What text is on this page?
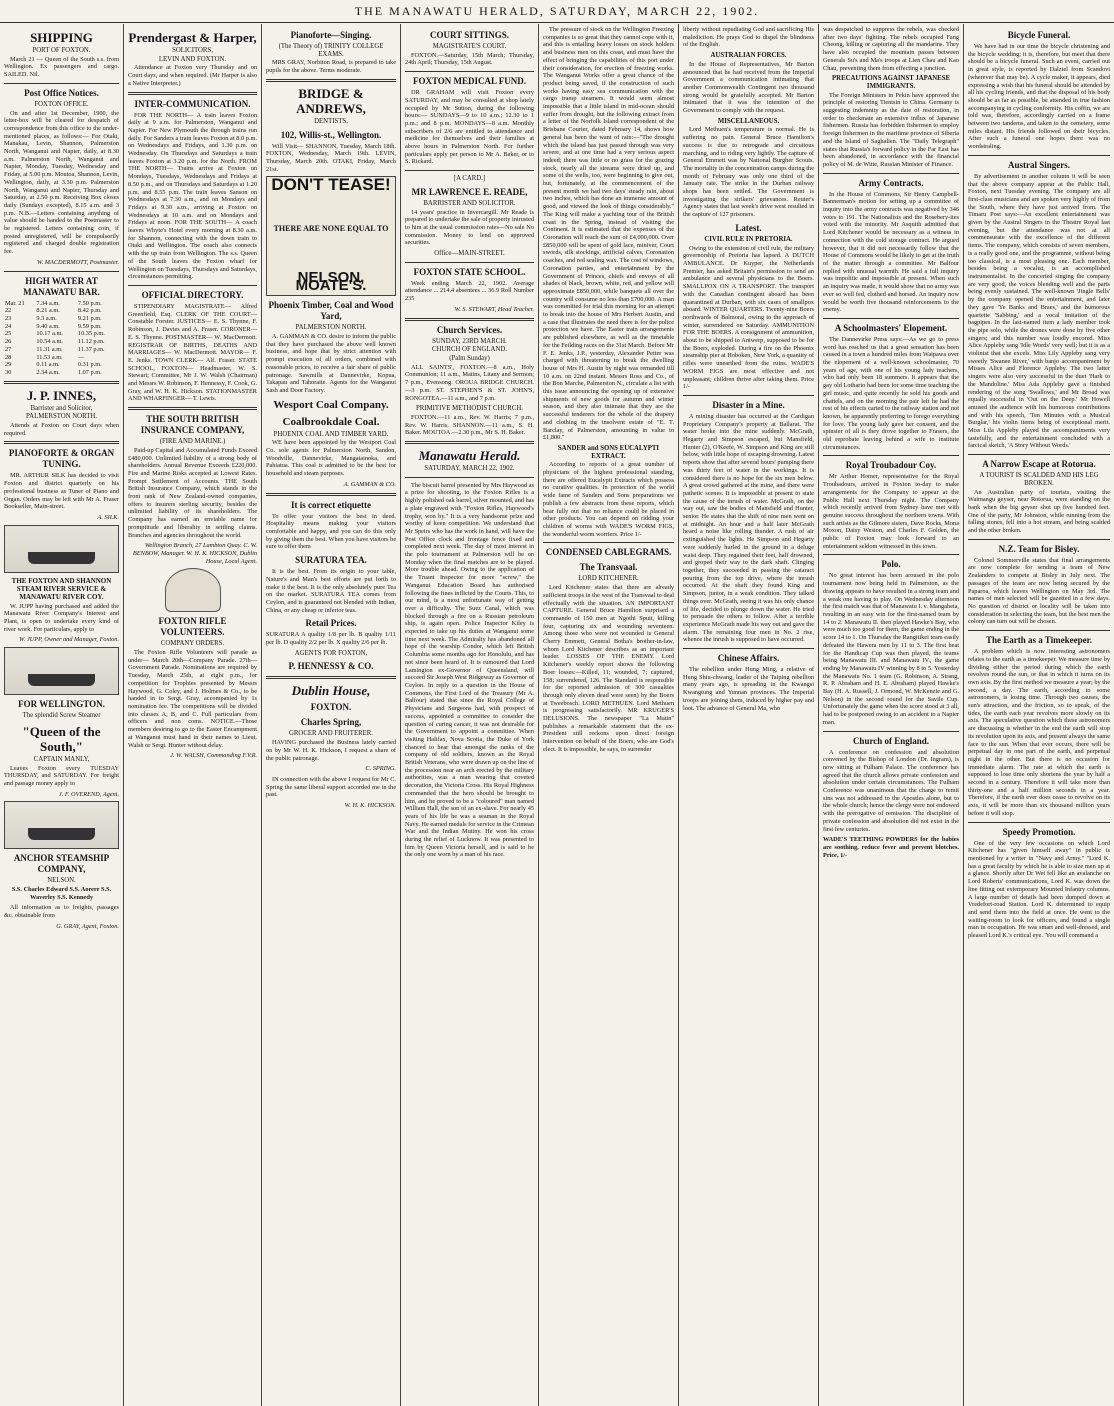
THE MANAWATU HERALD, SATURDAY, MARCH 22, 1902.
SHIPPING
PORT OF FOXTON.

March 21 — Queen of the South s.s. from Wellington. Ex passengers and cargo. SAILED. Nil.

Post Office Notices.
FOXTON OFFICE.

On and after 1st December, 1900, the letter-box will be cleared for despatch of correspondence from this office to the under-mentioned places, as follows:— For Otaki, Manakau, Levin, Shannon, Palmerston North, Wanganui and Napier, daily, at 8.30 a.m. Palmerston North, Wanganui and Napier, Monday, Tuesday, Wednesday and Friday, at 5.00 p.m. Moutoa, Shannon, Levin, Wellington, daily, at 3.30 p.m. Palmerston North, Wanganui and Napier, Thursday and Saturday, at 2.50 p.m. Receiving Box closes daily (Sundays excepted), 8.15 a.m. and 3 p.m. N.B.—Letters containing anything of value should be handed to the Postmaster to be registered. Letters containing coin, if posted unregistered, will be compulsorily registered and charged double registration fee.

W. MACDERMOTT, Postmaster.
HIGH WATER AT MANAWATU BAR.
Mar. 21	7.34 a.m.	7.50 p.m.
22	8.21 a.m.	8.42 p.m.
23	9.3 a.m.	9.21 p.m.
24	9.40 a.m.	9.59 p.m.
25	10.17 a.m.	10.35 p.m.
26	10.54 a.m.	11.12 p.m.
27	11.31 a.m.	11.37 p.m.
28	11.53 a.m.	—
29	0.11 a.m.	0.31 p.m.
30	2.34 a.m.	1.07 p.m.
J. P. INNES,
Barrister and Solicitor,
PALMERSTON NORTH.

Attends at Foxton on Court days when required.

PIANOFORTE & ORGAN TUNING.

MR. ARTHUR SILK has decided to visit Foxton and district quarterly on his professional business as Tuner of Piano and Organ. Orders may be left with Mr A. Fraser Bookseller, Main-street.

A. SILK.
THE FOXTON AND SHANNON STEAM RIVER SERVICE & MANAWATU RIVER COY.

W. JUPP having purchased and added the Manawatu River Company's Interest and Plant, is open to undertake every kind of river work. For particulars, apply to

W. JUPP, Owner and Manager, Foxton.
FOR WELLINGTON.
The splendid Screw Steamer
"Queen of the South,"
CAPTAIN MANLY,

Leaves Foxton every TUESDAY THURSDAY, and SATURDAY. For freight and passage money apply to

J. F. OVEREND, Agent.
ANCHOR STEAMSHIP COMPANY,
NELSON.

S.S. Charles Edward S.S. Aorere S.S. Waverley S.S. Kennedy

All information as to freights, passages &c. obtainable from

G. GRAY, Agent, Foxton.
Prendergast & Harper,
SOLICITORS,
LEVIN AND FOXTON.

Attendance at Foxton very Thursday and on Court days, and when required. (Mr Harper is also a Native Interpreter.)

INTER-COMMUNICATION.

FOR THE NORTH— A train leaves Foxton daily at 9 a.m. for Palmerston, Wanganui and Napier. For New Plymouth the through trains run daily. For Sanders a train leaves Foxton at 8.0 p.m. on Wednesdays and Fridays, and 1.30 p.m. on Wednesday. On Thursdays and Saturdays a train leaves Foxton at 3.20 p.m. for the North. FROM THE NORTH— Trains arrive at Foxton on Mondays, Tuesdays, Wednesdays and Fridays at 8.50 p.m., and on Thursdays and Saturdays at 1.20 p.m. and 8.55 p.m. The train leaves Sanson on Wednesdays at 7.30 a.m., and on Mondays and Fridays at 9.30 a.m., arriving at Foxton on Wednesdays at 10 a.m. and on Mondays and Fridays at noon. FOR THE SOUTH— A coach leaves Whyte's Hotel every morning at 8.30 a.m. for Shannon, connecting with the down train to Otaki and Wellington. The coach also connects with the up train from Wellington. The s.s. Queen of the South leaves the Foxton wharf for Wellington on Tuesdays, Thursdays and Saturdays, circumstances permitting.

OFFICIAL DIRECTORY.

STIPENDIARY MAGISTRATE— Alfred Greenfield, Esq. CLERK OF THE COURT— Constable Forster. JUSTICES— E. S. Thynne, F. Robinson, J. Davies and A. Fraser. CORONER— E. S. Thynne. POSTMASTER— W. MacDermott. REGISTRAR OF BIRTHS, DEATHS AND MARRIAGES— W. MacDermott. MAYOR— F. E. Jenks. TOWN CLERK— Alf. Fraser. STATE SCHOOL, FOXTON— Headmaster, W. S. Stewart; Committee, Mr J. W. Walsh (Chairman) and Messrs W. Robinson, F. Hennessy, F. Cook, G. Gray, and W. H. K. Hickson. STATIONMASTER AND WHARFINGER— T. Lewis.

THE SOUTH BRITISH INSURANCE COMPANY,
(FIRE AND MARINE.)

Paid-up Capital and Accumulated Funds Exceed £480,000. Unlimited liability of a strong body of shareholders. Annual Revenue Exceeds £220,000. Fire and Marine Risks accepted at Lowest Rates. Prompt Settlement of Accounts. THE South British Insurance Company, which stands in the front rank of New Zealand-owned companies, offers to insurers sterling security, besides the unlimited liability of its shareholders. The Company has earned an enviable name for promptitude and liberality in settling claims. Branches and agencies throughout the world.

Wellington Branch, 27 Lambton Quay. C. W. BENBOW, Manager. W. H. K. HICKSON, Dublin House, Local Agent.
FOXTON RIFLE VOLUNTEERS.
COMPANY ORDERS.

The Foxton Rifle Volunteers will parade as under— March 20th—Company Parade. 27th—Government Parade. Nominations are required by Tuesday, March 25th, at eight p.m., for competition for Trophies presented by Messrs Haywood, G. Coley, and J. Holmes & Co., to be handed in to Sergt. Gray, accompanied by 1s nomination fee. The competitions will be divided into classes A, B, and C. Full particulars from officers and non coms. NOTICE.—Those members desiring to go to the Easter Encampment at Wanganui must hand in their names to Lieut. Walsh or Sergt. Hunter without delay.

J. W. WALSH, Commanding F.V.R.
Pianoforte—Singing.
(The Theory of) TRINITY COLLEGE EXAMS.

MRS GRAY, Norbiton Road, is prepared to take pupils for the above. Terms moderate.

BRIDGE & ANDREWS,
DENTISTS,
102, Willis-st., Wellington.

Will Visit— SHANNON, Tuesday, March 18th. FOXTON, Wednesday, March 19th. LEVIN, Thursday, March 20th. OTAKI, Friday, March 21st.

DON'T TEASE!
THERE ARE NONE EQUAL TO
NELSON, MOATE'S.
Phoenix Timber, Coal and Wood Yard,
PALMERSTON NORTH.

A. GAMMAN & CO. desire to inform the public that they have purchased the above well known business, and hope that by strict attention with prompt execution of all orders, combined with reasonable prices, to receive a fair share of public patronage. Sawmills at Dannevirke, Kopua, Takapau and Tahoraite. Agents for the Wanganui Sash and Door Factory.

Wesport Coal Company.
Coalbrookdale Coal.
PHOENIX COAL AND TIMBER YARD.

WE have been appointed by the Westport Coal Co. sole agents for Palmerston North, Sandon, Woodville, Dannevirke, Mangatainoka, and Pahiatua. This coal is admitted to be the best for household and steam purposes.

A. GAMMAN & CO.
It is correct etiquette

To offer your visitors the best in deed. Hospitality means making your visitors comfortable and happy, and you can do this only by giving them the best. When you have visitors be sure to offer them

SURATURA TEA.

It is the best. From its origin to your table, Nature's and Man's best efforts are put forth to make it the best. It is the only absolutely pure Tea on the market. SURATURA TEA comes from Ceylon, and is guaranteed not blended with Indian, China, or any cheap or inferior teas.

Retail Prices.

SURATURA A quality 1/8 per lb. B quality 1/11 per lb. D quality 2/2 per lb. X quality 2/6 per lb.

AGENTS FOR FOXTON,
P. HENNESSY & CO.
Dublin House,
FOXTON.
Charles Spring,
GROCER AND FRUITERER.

HAVING purchased the Business lately carried on by Mr W. H. K. Hickson, I request a share of the public patronage.

C. SPRING.

IN connection with the above I request for Mr C. Spring the same liberal support accorded me in the past.

W. H. K. HICKSON.
COURT SITTINGS.
MAGISTRATE'S COURT.

FOXTON.—Saturday, 15th March; Thursday, 24th April; Thursday, 15th August.

FOXTON MEDICAL FUND.

DR GRAHAM will visit Foxton every SATURDAY, and may be consulted at shop lately occupied by Mr Sutton, during the following hours:— SUNDAYS—9 to 10 a.m.; 12.30 to 1 p.m.; and 8 p.m. MONDAYS—8 a.m. Monthly subscribers of 2/6 are entitled to attendance and medicine for themselves and their families at above hours in Palmerston North. For further particulars apply per person to Mr A. Baker, or to S. Rickard.

[A CARD.]
MR LAWRENCE E. READE,
BARRISTER AND SOLICITOR.

14 years' practice in Invercargill. Mr Reade is prepared to undertake the sale of property intrusted to him at the usual commission rates—No sale No commission. Money to lend on approved securities.

Office—MAIN-STREET.
FOXTON STATE SCHOOL.

Week ending March 22, 1902. Average attendance ... 214.4 absentees ... 36.9 Roll Number 235

W. S. STEWART, Head Teacher.
Church Services.
SUNDAY, 23RD MARCH.
CHURCH OF ENGLAND.
(Palm Sunday)

ALL SAINTS', FOXTON.—8 a.m., Holy Communion; 11 a.m., Matins, Litany and Sermon; 7 p.m., Evensong. OROUA BRIDGE CHURCH.—3 p.m. ST. STEPHEN'S & ST. JOHN'S, RONGOTEA.—11 a.m., and 7 p.m.

PRIMITIVE METHODIST CHURCH.

FOXTON.—11 a.m., Rev. W. Harris; 7 p.m., Rev. W. Harris. SHANNON.—11 a.m., S. H. Baker. MOUTOA.—2.30 p.m., Mr S. H. Baker.

Manawatu Herald.
SATURDAY, MARCH 22, 1902.

The biscuit barrel presented by Mrs Haywood as a prize for shooting, to the Foxton Rifles is a highly polished oak barrel, silver mounted, and has a plate engraved with "Foxton Rifles, Haywood's trophy, won by." It is a very handsome prize and worthy of keen competition. We understand that Mr Speirs who has the work in hand, will have the Post Office clock and frontage fence fixed and completed next week. The day of most interest in the polo tournament at Palmerston will be on Monday when the final matches are to be played. More trouble ahead. Owing to the application of the Truant Inspector for more "screw," the Wanganui Education Board has authorised following the fines inflicted by the Courts. This, to our mind, is a most unfortunate way of getting over a difficulty. The Suez Canal, which was blocked through a fire on a Russian petroleum ship, is again open. Police Inspector Kiley is expected to take up his duties at Wanganui some time next week. The Admiralty has abandoned all hope of the warship Condor, which left British Columbia some months ago for Honolulu, and has not since been heard of. It is rumoured that Lord Lamington ex-Governor of Queensland, will succeed Sir Joseph West Ridgeway as Governor of Ceylon. In reply to a question in the House of Commons, the First Lord of the Treasury (Mr A. Balfour) stated that since the Royal College of Physicians and Surgeons had, with prospect of success, appointed a committee to consider the question of curing cancer, it was not desirable for the Government to appoint a committee. When visiting Halifax, Nova Scotia, the Duke of York chanced to hear that amongst the ranks of the company of old soldiers, known as the Royal British Veterans, who were drawn up on the line of the procession near an arch erected by the military authorities, was a man wearing that coveted decoration, the Victoria Cross. His Royal Highness commanded that the hero should be brought to him, and he proved to be a "coloured" man named William Hall, the son of an ex-slave. For nearly 45 years of his life he was a seaman in the Royal Navy. He earned medals for service in the Crimean War and the Indian Mutiny. He won his cross during the relief of Lucknow. It was presented to him by Queen Victoria herself, and is said to be the only one worn by a man of his race.

The pressure of stock on the Wellington Freezing companies is so great that they cannot cope with it, and this is entailing heavy losses on stock holders and business men on this coast, and must have the effect of bringing the capabilities of this port under their consideration, for erection of freezing works. The Wanganui Works offer a great chance of the product being saved, if the construction of such works having easy sea communication with the cargo tramp steamers. It would seem almost impossible that a little island in mid-ocean should suffer from drought, but the following extract from a letter of the Norfolk Island correspondent of the Brisbane Courier, dated February 14, shows how general has been the want of rain:—"The drought which the island has just passed through was very severe, and at one time had a very serious aspect indeed; there was little or no grass for the grazing stock, nearly all the streams were dried up, and some of the wells, too, were beginning to give out, but, fortunately, at the commencement of the present month we had two days' steady rain, about two inches, which has done an immense amount of good, and viewed the look of things considerably." The King will make a yachting tour of the British coast in the Spring, instead of visiting the Continent. It is estimated that the expenses of the Coronation will reach the sum of £4,000,000. Over £850,000 will be spent of gold lace, miniver, Court swords, silk stockings, artificial calves, Coronation coaches, and red sealing wax. The cost of windows, Coronation parties, and entertainment by the Government of Princes, chiefs and envoys of all shades of black, brown, white, red, and yellow will approximate £850,000, while banquets all over the country will consume no less than £700,000. A man was committed for trial this morning for an attempt to break into the house of Mrs Herbert Austin, and a case that illustrates the need there is for the police protection we have. The Easter train arrangements are published elsewhere, as well as the timetable for the Feilding races on the 31st March. Before Mr F. E. Jenks, J.P., yesterday, Alexander Petter was charged with threatening to break the dwelling house of Mrs H. Austin by night was remanded till 10 a.m. on 22nd instant. Messrs Ross and Co., of the Bon Marche, Palmerston N., circulate a list with this issue announcing the opening up of extensive shipments of new goods for autumn and winter season, and they also intimate that they are the successful tenderers for the whole of the drapery and clothing in the insolvent estate of "E. T. Barclay, of Palmerston, amounting in value to £1,800."

SANDER and SONS EUCALYPTI EXTRACT.

According to reports of a great number of physicians of the highest professional standing, there are offered Eucalypti Extracts which possess no curative qualities. In protection of the world wide fame of Sanders and Sons preparations we publish a few abstracts from these reports, which bear fully out that no reliance could be placed in other products. You can depend on ridding your children of worms with WADE'S WORM FIGS, the wonderful worm worriers. Price 1/-

CONDENSED CABLEGRAMS.
The Transvaal.
LORD KITCHENER.

Lord Kitchener states that there are already sufficient troops in the west of the Transvaal to deal effectually with the situation. AN IMPORTANT CAPTURE. General Bruce Hamilton surprised a commando of 150 men at Ngothi Spuit, killing four, capturing six and wounding seventeen. Among those who were not wounded is General Cherry Emmett, General Botha's brother-in-law, whom Lord Kitchener describes as an important leader. LOSSES OF THE ENEMY. Lord Kitchener's weekly report shows the following Boer losses:—Killed, 11; wounded, 7; captured, 158; surrendered, 126. The Standard is responsible for the reported admission of 300 casualties through only eleven dead were seen) by the Boers at Tweebosch. LORD METHUEN. Lord Methuen is progressing satisfactorily. MR KRUGER'S DELUSIONS. The newspaper "La Matin" publishes a remarkable statement that the ex-President still reckons upon direct foreign intervention on behalf of the Boers, who are God's elect. It is impossible, he says, to surrender

liberty without repudiating God and sacrificing His malediction. He prays God to dispel the blindness of the English.

AUSTRALIAN FORCES.

In the House of Representatives, Mr Barton announced that he had received from the Imperial Government a communication intimating that another Commonwealth Contingent two thousand strong would be gratefully accepted. Mr Barton intimated that it was the intention of the Government to comply with the request.

MISCELLANEOUS.

Lord Methuen's temperature is normal. He is suffering no pain. General Bruce Hamilton's success is due to retrograde and circuitous marching, and to riding very lightly. The capture of General Emmett was by National Burgher Scouts. The mortality in the concentration camps during the month of February was only one third of the January rate. The strike in the Durban railway shops has been settled. The Government is investigating the strikers' grievances. Reuter's Agency states that last week's drive west resulted in the capture of 127 prisoners.

Latest.
CIVIL RULE IN PRETORIA.

Owing to the extension of civil rule, the military governorship of Pretoria has lapsed. A DUTCH AMBULANCE. Dr Kuyper, the Netherlands Premier, has asked Britain's permission to send an ambulance and several physicians to the Boers. SMALLPOX ON A TRANSPORT. The transport with the Canadian contingent aboard has been quarantined at Durban, with six cases of smallpox aboard. WINTER QUARTERS. Twenty-nine Boers northwards of Balmoral, owing to the approach of winter, surrendered on Saturday. AMMUNITION FOR THE BOERS. A consignment of ammunition, about to be shipped to Antwerp, supposed to be for the Boers, exploded. During a fire on the Phoenix steamship pier at Hoboken, New York, a quantity of rifles were unearthed from the ruins. WADE'S WORM FIGS are most effective and not unpleasant; children thrive after taking them. Price 1/-

Disaster in a Mine.

A mining disaster has occurred at the Cardigan Proprietary Company's property at Ballarat. The water broke into the mine suddenly. McGrath, Hegarty and Simpson escaped, but Mansfield, Hunter (2), O'Keefe, W. Simpson and King are still below, with little hope of escaping drowning. Latest reports show that after several hours' pumping there was thirty feet of water in the workings. It is considered there is no hope for the six men below. A great crowd gathered at the mine, and there were pathetic scenes. It is impossible at present to state the cause of the inrush of water. McGrath, on the way out, saw the bodies of Mansfield and Hunter, senior. He states that the shift of nine men went on at midnight. An hour and a half later McGrath heard a noise like rolling thunder. A rush of air extinguished the lights. He Simpson and Hegarty were suddenly hurled in the ground in a deluge waist deep. They regained their feet, half drowned, and groped their way to the dark shaft. Clinging together, they succeeded in passing the cataract pouring from the top drive, where the inrush occurred. At the shaft they found King and Simpson, junior, in a weak condition. They talked things over. McGrath, seeing it was his only chance of life, decided to plunge down the water. He tried to persuade the others to follow. After a terrible experience McGrath made his way out and gave the alarm. The remaining four men in No. 2 rise, whence the inrush is supposed to have occurred.

Chinese Affairs.

The rebellion under Hung Ming, a relative of Hung Shiu-chwang, leader of the Taiping rebellion many years ago, is spreading in the Kwangsi Kwangtung and Yunnan provinces. The Imperial troops are joining them, induced by higher pay and loot. The advance of General Ma, who

was despatched to suppress the rebels, was checked after two days' fighting. The rebels occupied Fang Cheong, killing or capturing all the mandarins. They have also occupied the mountain passes between Generals Su's and Ma's troops at Lien Chau and Kao Chau, preventing them from effecting a junction.

PRECAUTIONS AGAINST JAPANESE IMMIGRANTS.

The Foreign Ministers in Pekin have approved the principle of restoring Tientsin to China. Germany is suggesting indemnity as the date of restoration, in order to checkmate an extensive influx of Japanese fishermen. Russia has forbidden fishermen to employ foreign fishermen in the maritime province of Siberia and the Island of Saghalien. The "Daily Telegraph" states that Russia's forward policy in the Far East has been abandoned, in accordance with the financial policy of M. de Witte, Russian Minister of Finance.

Army Contracts.

In the House of Commons, Sir Henry Campbell-Bannerman's motion for setting up a committee of inquiry into the army contracts was negatived by 346 votes to 191. The Nationalists and the Rosebery-ites voted with the minority. Mr Asquith admitted that Lord Kitchener would be necessary as a witness in connection with the cold storage contract. He argued however, that it did not necessarily follow that the House of Commons would be likely to get at the truth of the matter through a committee. Mr Balfour replied with unusual warmth. He said a full inquiry was impolitic and impossible at present. When such an inquiry was made, it would show that no army was ever so well fed, clothed and horsed. An inquiry now would be worth five thousand reinforcements to the enemy.

A Schoolmasters' Elopement.

The Dannevirke Press says:—As we go to press word has reached us that a great sensation has been caused in a town a hundred miles from Waipawa over the elopement of a well-known schoolmaster, 70 years of age, with one of his young lady teachers, who had only been 18 summers. It appears that the gay old Lothario had been for some time teaching the girl music, and quite recently he sold his goods and chattels, and on the morning the pair left he had the rest of his effects carted to the railway station and not known, he apparently preferring to forego everything for love. The young lady gave her consent, and the spinster of all is they drove together to Frasers, the old reprobate leaving behind a wife to institute circumstances.

Royal Troubadour Coy.

Mr Arthur Homer, representative for the Royal Troubadours, arrived in Foxton to-day to make arrangements for the Company to appear at the Public Hall next Thursday night. The Company which recently arrived from Sydney have met with genuine success throughout the northern towns. With such artists as the Gilmore sisters, Dave Rocks, Mona Moxon, Daisy Weston, and Charles F. Golden, the public of Foxton may look forward to an entertainment seldom witnessed in this town.

Polo.

No great interest has been aroused in the polo tournament now being held in Palmerston, as the drawing appears to have resulted in a strong team and a weak one having to play. On Wednesday afternoon the first match was that of Manawatu I. v. Mangaheia, resulting in an easy win for the first-named team by 14 to 2. Manawatu II. then played Hawke's Bay, who were much too good for them, the game ending in the score 14 to 1. On Thursday the Rangitikei team easily defeated the Hawera men by 11 to 3. The first heat for the Handicap Cup was then played, the teams being Manawatu III. and Manawatu IV., the game ending by Manawatu IV winning by 8 to 5. Yesterday the Manawatu No. 1 team (G. Robinson, A. Strang, R. P. Abraham and H. E. Abraham) played Hawke's Bay (H. A. Russell, J. Ormond, W. McKenzie and G. Nelson) in the second round for the Savile Cup. Unfortunately the game when the score stood at 3 all, had to be postponed owing to an accident to a Napier man.

Church of England.

A conference on confession and absolution convened by the Bishop of London (Dr. Ingram), is now sitting at Fulham Palace. The conference has agreed that the church allows private confession and absolution under certain circumstances. The Fulham Conference was unanimous that the charge to remit sins was not addressed to the Apostles alone, but to the whole church; hence the clergy were not endowed with the prerogative of remission. The discipline of private confession and absolution did not exist in the first few centuries.

WADE'S TEETHING POWDERS for the babies are soothing, reduce fever and prevent blotches. Price, 1/-

Bicycle Funeral.

We have had in our time the bicycle christening and the bicycle wedding; it is, therefore, but meet that there should be a bicycle funeral. Such an event, carried out in great style, is reported by Dalziel from Scandovi (wherever that may be). A cycle maker, it appears, died expressing a wish that his funeral should be attended by all his cycling friends, and that the disposal of his body should be as far as possible, be attended in true fashion accompanying in cycling conformity. His coffin, we are told was, therefore, accordingly carried on a frame between two tandems, and taken to the cemetery, some miles distant. His friends followed on their bicycles. After such a funeral one hopes there was no wordstraling.

Austral Singers.

By advertisement in another column it will be seen that the above company appear at the Public Hall, Foxton, next Tuesday evening. The company are all first-class musicians and are spoken very highly of from the South, where they have just arrived from. The Timaru Post says:—An excellent entertainment was given by the Austral Singers in the Theatre Royal last evening, but the attendance was not at all commensurate with the excellence of the different items. The company, which consists of seven members, is a really good one, and the programme, without being too classical, is a most pleasing one. Each member, besides being a vocalist, is an accomplished instrumentalist. In the concerted singing the company are very good, the voices blending well and the parts being evenly sustained. The well-known 'Jingle Bells' by the company opened the entertainment, and later they gave 'Ye Banks and Braes,' and the humorous quartette 'Sabbing,' and a vocal imitation of the bagpipes. In the last-named item a lady member took the pipe solo, while the drones were done by five other singers; and this number was loudly encored. Miss Alice Appleby sang 'Idle Words' very well; but it is as a violinist that she excels. Miss Lily Appleby sang very sweetly 'Swanee River,' with banjo accompaniment by Misses Alice and Florence Appleby. The two latter singers were also very successful in the duet 'Hark to the Mandoline.' Miss Ada Appleby gave a finished rendering of the song 'Swallows,' and Mr Broad was equally successful in 'Out on the Deep.' Mr Howell amused the audience with his humorous contributions and with his speech, 'Ten Minutes with a Musical Burglar,' his violin items being of exceptional merit. Miss Lila Appleby played the accompaniments very tastefully, and the entertainment concluded with a farcical sketch, 'A Story Without Words.'

A Narrow Escape at Rotorua.
A TOURIST IS SCALDED AND HIS LEG BROKEN.

An Australian party of tourists, visiting the Waimangu geyser, near Rotorua, were standing on the bank when the big geyser shot up five hundred feet. One of the party, Mr Johnston, while running from the falling stones, fell into a hot stream, and being scalded and the other broken.

N.Z. Team for Bisley.

Colonel Sommerville states that final arrangements are now complete for sending a team of New Zealanders to compete at Bisley in July next. The passages of the team are now being secured by the Paparoa, which leaves Wellington on May 3rd. The names of men selected will be gazetted in a few days. No question of district or locality will be taken into consideration in selecting the team, but the best men the colony can turn out will be chosen.

The Earth as a Timekeeper.

A problem which is now interesting astronomers relates to the earth as a timekeeper. We measure time by dividing either the period during which the earth revolves round the sun, or that in which it turns on its own axis. By the first method we measure a year; by the second, a day. The earth, according to some astronomers, is losing time. Through two causes, the sun's attraction, and the friction, so to speak, of the tides, the earth each year revolves more slowly on its axis. The speculative question which these astronomers are discussing is whether in the end the earth will stop its revolution upon its axis, and present always the same face to the sun. When that ever occurs, there will be perpetual day in one part of the earth, and perpetual night in the other. But there is no occasion for immediate alarm. The rate at which the earth is supposed to lose time only shortens the year by half a second in a century. Therefore it will take more than thirty-one and a half million seconds in a year. Therefore, if the earth ever does cease to revolve on its axis, it will be more than six thousand million years before it will stop.

Speedy Promotion.

One of the very few occasions on which Lord Kitchener has "given himself away" in public is mentioned by a writer in "Navy and Army." "Lord K. has a great faculty by which he is able to size men up at a glance. Shortly after Dr Wet fell like an avalanche on Lord Roberts' communications, Lord K. was down the line fitting out extemporary Mounted Infantry columns. A large number of details had been dumped down at Vredefort-road Station. Lord K. determined to equip and send them into the field at once. He went to the waiting-room to look for officers, and found a single man in occupation. He was smart and well-dressed, and pleased Lord K.'s critical eye. 'You will command a
